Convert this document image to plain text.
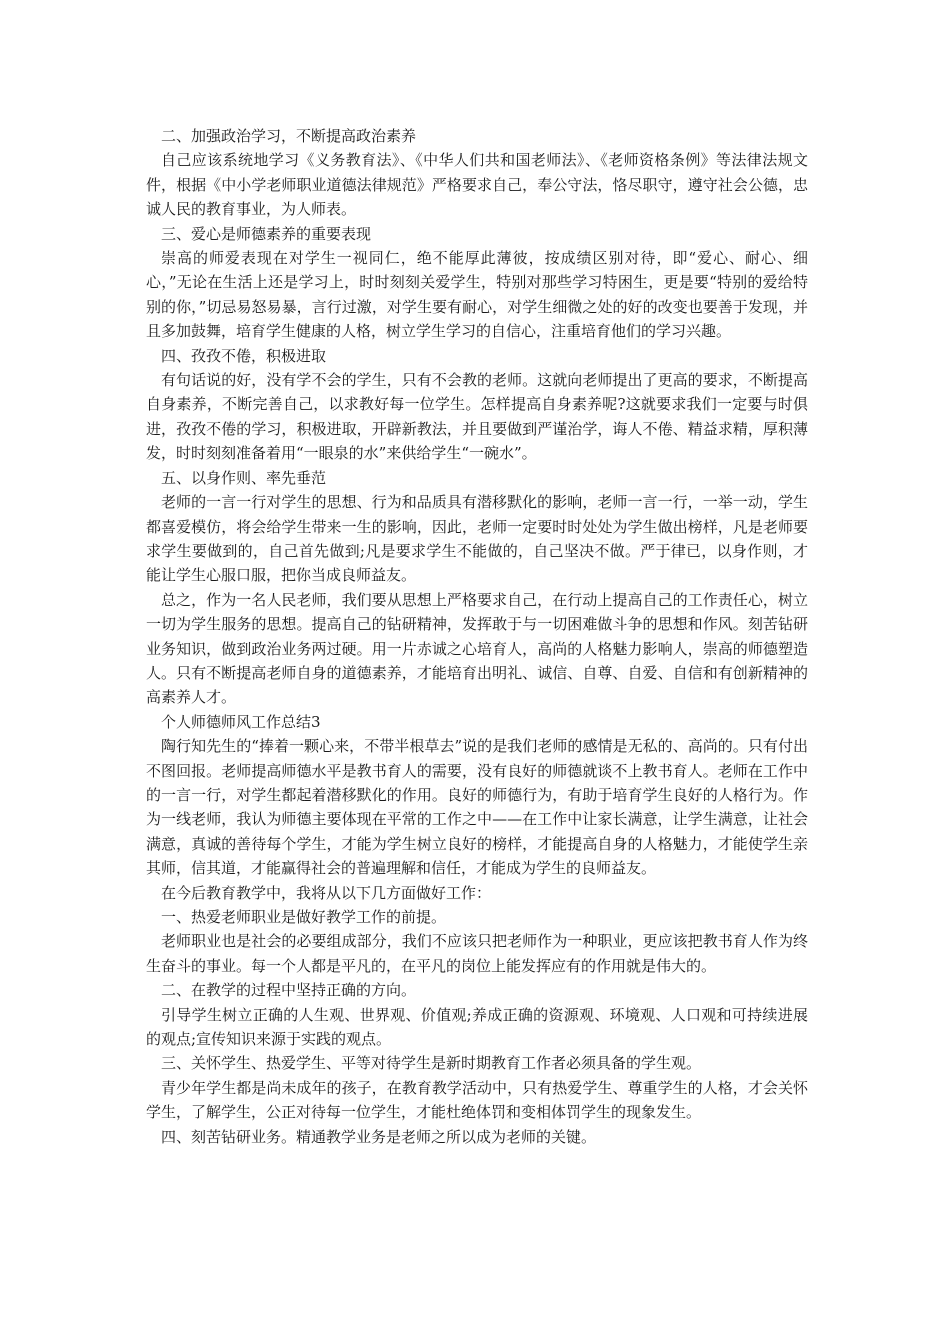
二、加强政治学习，不断提高政治素养

自己应该系统地学习《义务教育法》、《中华人们共和国老师法》、《老师资格条例》等法律法规文件，根据《中小学老师职业道德法律规范》严格要求自己，奉公守法，恪尽职守，遵守社会公德，忠诚人民的教育事业，为人师表。

三、爱心是师德素养的重要表现

崇高的师爱表现在对学生一视同仁，绝不能厚此薄彼，按成绩区别对待，即“爱心、耐心、细心，”无论在生活上还是学习上，时时刻刻关爱学生，特别对那些学习特困生，更是要“特别的爱给特别的你，”切忌易怒易暴，言行过激，对学生要有耐心，对学生细微之处的好的改变也要善于发现，并且多加鼓舞，培育学生健康的人格，树立学生学习的自信心，注重培育他们的学习兴趣。

四、孜孜不倦，积极进取

有句话说的好，没有学不会的学生，只有不会教的老师。这就向老师提出了更高的要求，不断提高自身素养，不断完善自己，以求教好每一位学生。怎样提高自身素养呢?这就要求我们一定要与时俱进，孜孜不倦的学习，积极进取，开辟新教法，并且要做到严谨治学，诲人不倦、精益求精，厚积薄发，时时刻刻准备着用“一眼泉的水”来供给学生“一碗水”。

五、以身作则、率先垂范

老师的一言一行对学生的思想、行为和品质具有潜移默化的影响，老师一言一行，一举一动，学生都喜爱模仿，将会给学生带来一生的影响，因此，老师一定要时时处处为学生做出榜样，凡是老师要求学生要做到的，自己首先做到;凡是要求学生不能做的，自己坚决不做。严于律已，以身作则，才能让学生心服口服，把你当成良师益友。

总之，作为一名人民老师，我们要从思想上严格要求自己，在行动上提高自己的工作责任心，树立一切为学生服务的思想。提高自己的钻研精神，发挥敢于与一切困难做斗争的思想和作风。刻苦钻研业务知识，做到政治业务两过硬。用一片赤诚之心培育人，高尚的人格魅力影响人，崇高的师德塑造人。只有不断提高老师自身的道德素养，才能培育出明礼、诚信、自尊、自爱、自信和有创新精神的高素养人才。

个人师德师风工作总结3

陶行知先生的“捧着一颗心来，不带半根草去”说的是我们老师的感情是无私的、高尚的。只有付出不图回报。老师提高师德水平是教书育人的需要，没有良好的师德就谈不上教书育人。老师在工作中的一言一行，对学生都起着潜移默化的作用。良好的师德行为，有助于培育学生良好的人格行为。作为一线老师，我认为师德主要体现在平常的工作之中——在工作中让家长满意，让学生满意，让社会满意，真诚的善待每个学生，才能为学生树立良好的榜样，才能提高自身的人格魅力，才能使学生亲其师，信其道，才能赢得社会的普遍理解和信任，才能成为学生的良师益友。

在今后教育教学中，我将从以下几方面做好工作：

一、热爱老师职业是做好教学工作的前提。

老师职业也是社会的必要组成部分，我们不应该只把老师作为一种职业，更应该把教书育人作为终生奋斗的事业。每一个人都是平凡的，在平凡的岗位上能发挥应有的作用就是伟大的。

二、在教学的过程中坚持正确的方向。

引导学生树立正确的人生观、世界观、价值观;养成正确的资源观、环境观、人口观和可持续进展的观点;宣传知识来源于实践的观点。

三、关怀学生、热爱学生、平等对待学生是新时期教育工作者必须具备的学生观。

青少年学生都是尚未成年的孩子，在教育教学活动中，只有热爱学生、尊重学生的人格，才会关怀学生，了解学生，公正对待每一位学生，才能杜绝体罚和变相体罚学生的现象发生。

四、刻苦钻研业务。精通教学业务是老师之所以成为老师的关键。
